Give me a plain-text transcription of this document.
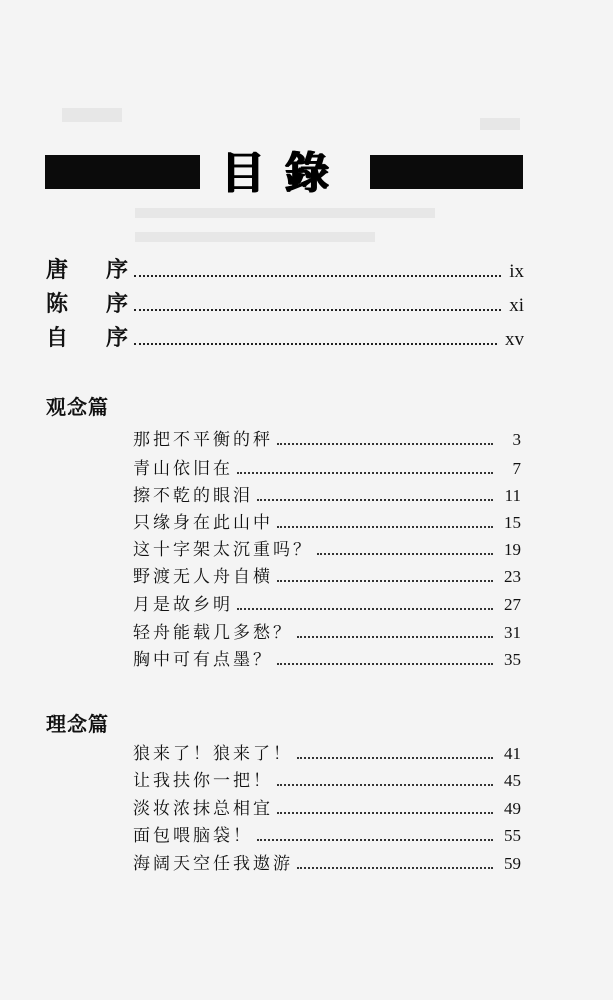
目錄
唐 序	ix
陈 序	xi
自 序	xv
观念篇
那把不平衡的秤	3
青山依旧在	7
擦不乾的眼泪	11
只缘身在此山中	15
这十字架太沉重吗？	19
野渡无人舟自横	23
月是故乡明	27
轻舟能载几多愁？	31
胸中可有点墨？	35
理念篇
狼来了！狼来了！	41
让我扶你一把！	45
淡妆浓抹总相宜	49
面包喂脑袋！	55
海阔天空任我遨游	59
